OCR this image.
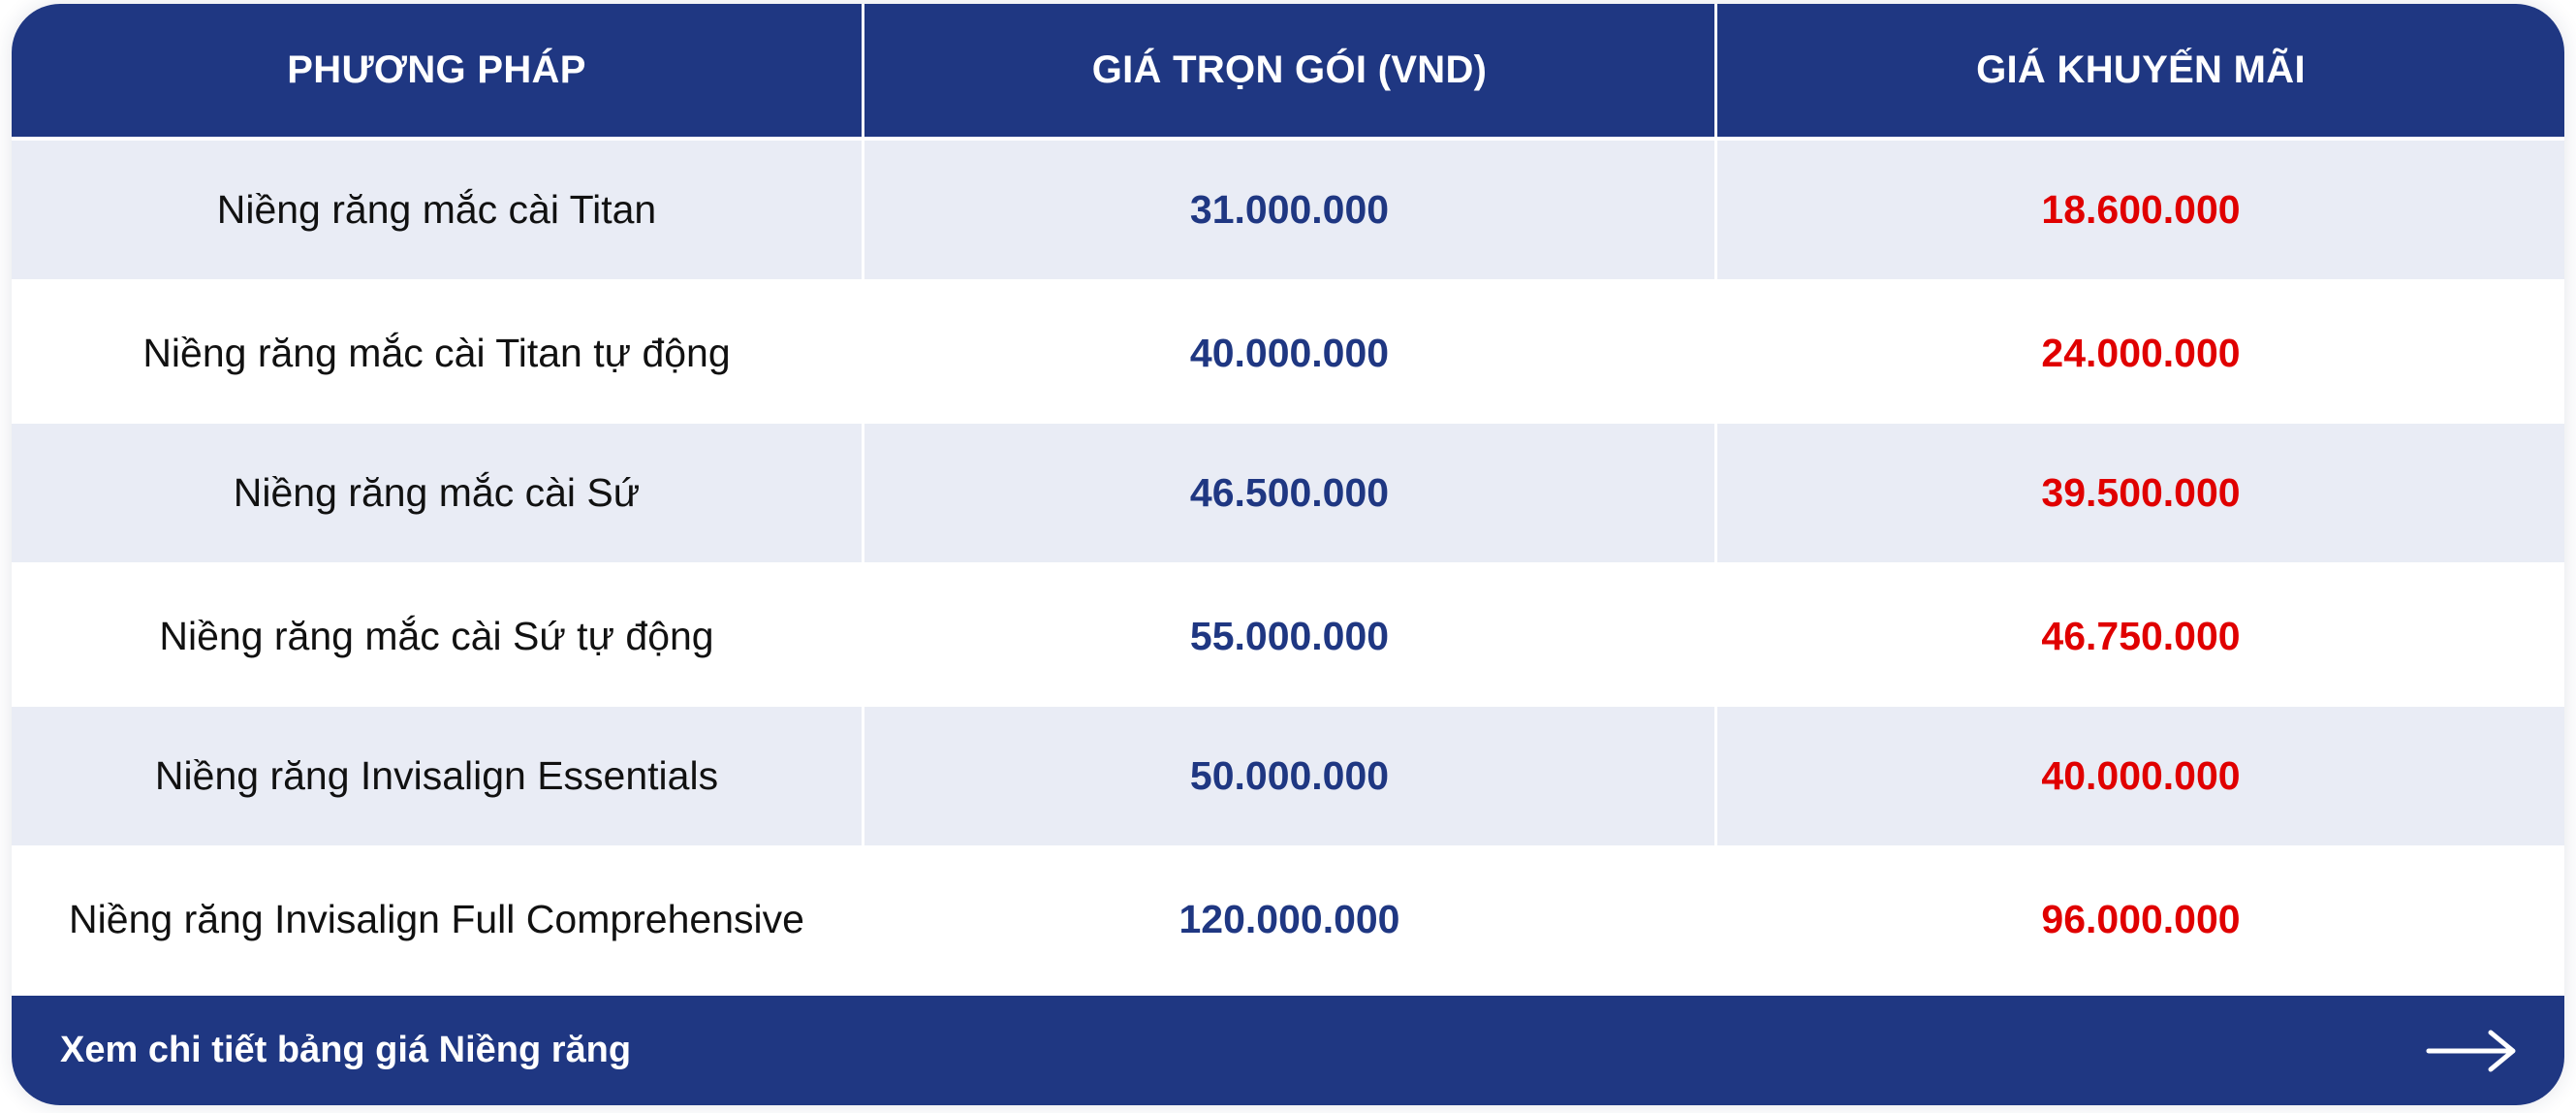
PHƯƠNG PHÁP	GIÁ TRỌN GÓI (VND)	GIÁ KHUYẾN MÃI
Niềng răng mắc cài Titan	31.000.000	18.600.000
Niềng răng mắc cài Titan tự động	40.000.000	24.000.000
Niềng răng mắc cài Sứ	46.500.000	39.500.000
Niềng răng mắc cài Sứ tự động	55.000.000	46.750.000
Niềng răng Invisalign Essentials	50.000.000	40.000.000
Niềng răng Invisalign Full Comprehensive	120.000.000	96.000.000
Xem chi tiết bảng giá Niềng răng
